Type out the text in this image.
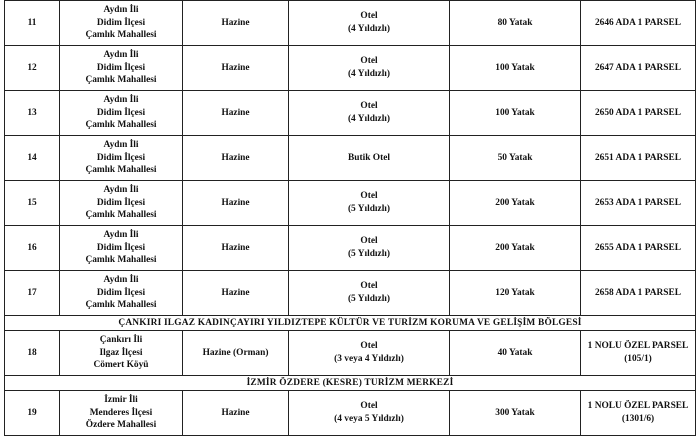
11	Aydın İli
Didim İlçesi
Çamlık Mahallesi	Hazine	Otel
(4 Yıldızlı)	80 Yatak	2646 ADA 1 PARSEL

12	Aydın İli
Didim İlçesi
Çamlık Mahallesi	Hazine	Otel
(4 Yıldızlı)	100 Yatak	2647 ADA 1 PARSEL

13	Aydın İli
Didim İlçesi
Çamlık Mahallesi	Hazine	Otel
(4 Yıldızlı)	100 Yatak	2650 ADA 1 PARSEL

14	Aydın İli
Didim İlçesi
Çamlık Mahallesi	Hazine	Butik Otel	50 Yatak	2651 ADA 1 PARSEL

15	Aydın İli
Didim İlçesi
Çamlık Mahallesi	Hazine	Otel
(5 Yıldızlı)	200 Yatak	2653 ADA 1 PARSEL

16	Aydın İli
Didim İlçesi
Çamlık Mahallesi	Hazine	Otel
(5 Yıldızlı)	200 Yatak	2655 ADA 1 PARSEL

17	Aydın İli
Didim İlçesi
Çamlık Mahallesi	Hazine	Otel
(5 Yıldızlı)	120 Yatak	2658 ADA 1 PARSEL

ÇANKIRI ILGAZ KADINÇAYIRI YILDIZTEPE KÜLTÜR VE TURİZM KORUMA VE GELİŞİM BÖLGESİ					
18	Çankırı İli
Ilgaz İlçesi
Cömert Köyü	Hazine (Orman)	Otel
(3 veya 4 Yıldızlı)	40 Yatak	1 NOLU ÖZEL PARSEL
(105/1)

İZMİR ÖZDERE (KESRE) TURİZM MERKEZİ					
19	İzmir İli
Menderes İlçesi
Özdere Mahallesi	Hazine	Otel
(4 veya 5 Yıldızlı)	300 Yatak	1 NOLU ÖZEL PARSEL
(1301/6)
